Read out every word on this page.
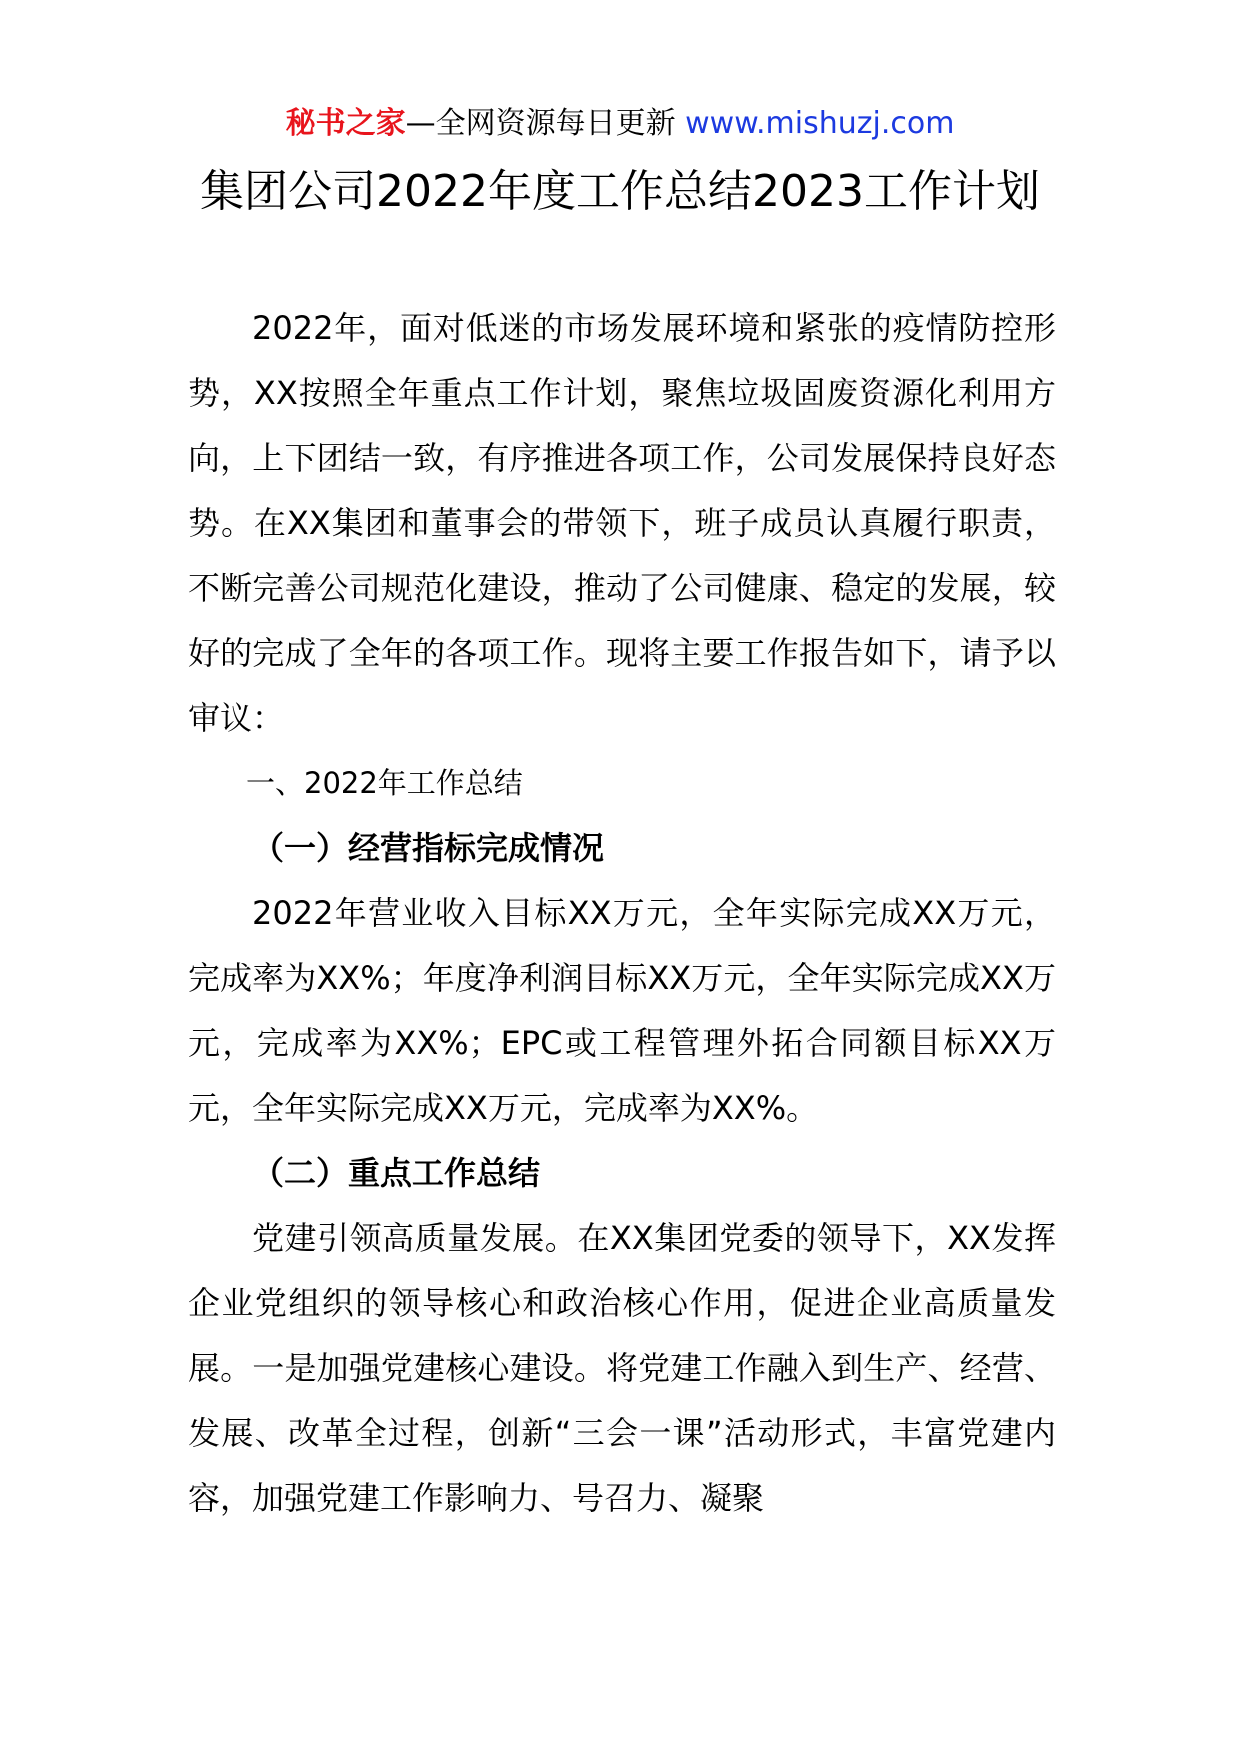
秘书之家—全网资源每日更新 www.mishuzj.com
集团公司2022年度工作总结2023工作计划

2022年，面对低迷的市场发展环境和紧张的疫情防控形势，XX按照全年重点工作计划，聚焦垃圾固废资源化利用方向，上下团结一致，有序推进各项工作，公司发展保持良好态势。在XX集团和董事会的带领下，班子成员认真履行职责，不断完善公司规范化建设，推动了公司健康、稳定的发展，较好的完成了全年的各项工作。现将主要工作报告如下，请予以审议：

一、2022年工作总结

（一）经营指标完成情况

2022年营业收入目标XX万元，全年实际完成XX万元，完成率为XX%；年度净利润目标XX万元，全年实际完成XX万元，完成率为XX%；EPC或工程管理外拓合同额目标XX万元，全年实际完成XX万元，完成率为XX%。

（二）重点工作总结

党建引领高质量发展。在XX集团党委的领导下，XX发挥企业党组织的领导核心和政治核心作用，促进企业高质量发展。一是加强党建核心建设。将党建工作融入到生产、经营、发展、改革全过程，创新“三会一课”活动形式，丰富党建内容，加强党建工作影响力、号召力、凝聚
